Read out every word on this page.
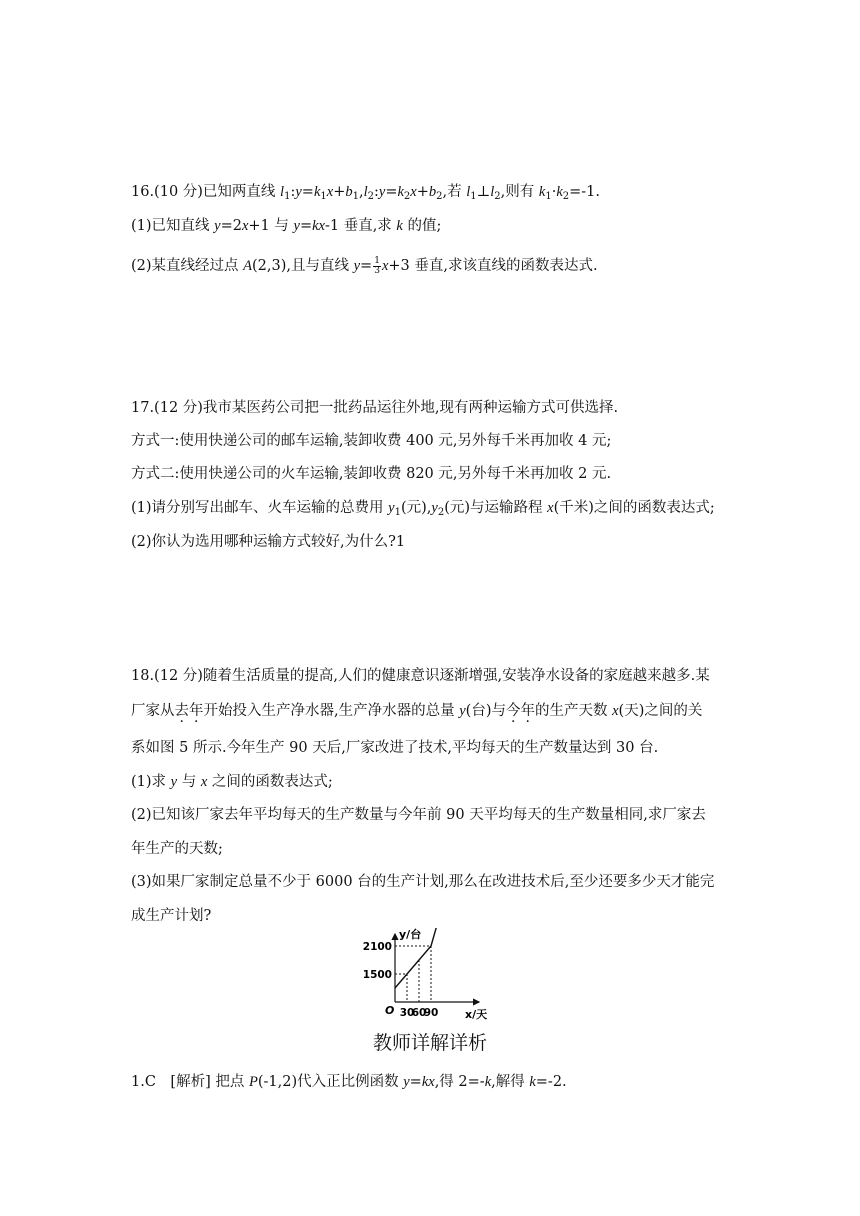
16.(10 分)已知两直线 $l_1:y=k_1x+b_1,l_2:y=k_2x+b_2$,若 $l_1\perp l_2$,则有 $k_1\cdot k_2=-1$.
(1)已知直线 y=2x+1 与 y=kx-1 垂直,求 k 的值;
(2)某直线经过点 A(2,3),且与直线 $y= \frac{1}{3} x+3$ 垂直,求该直线的函数表达式.
17.(12 分)我市某医药公司把一批药品运往外地,现有两种运输方式可供选择.
方式一:使用快递公司的邮车运输,装卸收费 400 元,另外每千米再加收 4 元;
方式二:使用快递公司的火车运输,装卸收费 820 元,另外每千米再加收 2 元.
(1)请分别写出邮车、火车运输的总费用 $y_1$(元)$,y_2$(元)与运输路程 x(千米)之间的函数表达式;
(2)你认为选用哪种运输方式较好,为什么?1
18.(12 分)随着生活质量的提高,人们的健康意识逐渐增强,安装净水设备的家庭越来越多.某
厂家从去年开始投入生产净水器,生产净水器的总量 y(台)与今年的生产天数 x(天)之间的关
系如图 5 所示.今年生产 90 天后,厂家改进了技术,平均每天的生产数量达到 30 台.
(1)求 y 与 x 之间的函数表达式;
(2)已知该厂家去年平均每天的生产数量与今年前 90 天平均每天的生产数量相同,求厂家去
年生产的天数;
(3)如果厂家制定总量不少于 6000 台的生产计划,那么在改进技术后,至少还要多少天才能完
成生产计划?
y/台
x/天
O 30
60
90
1500
2100
教师详解详析
1.C　[解析] 把点 P(-1,2)代入正比例函数 y=kx,得 2=-k,解得 k=-2.
